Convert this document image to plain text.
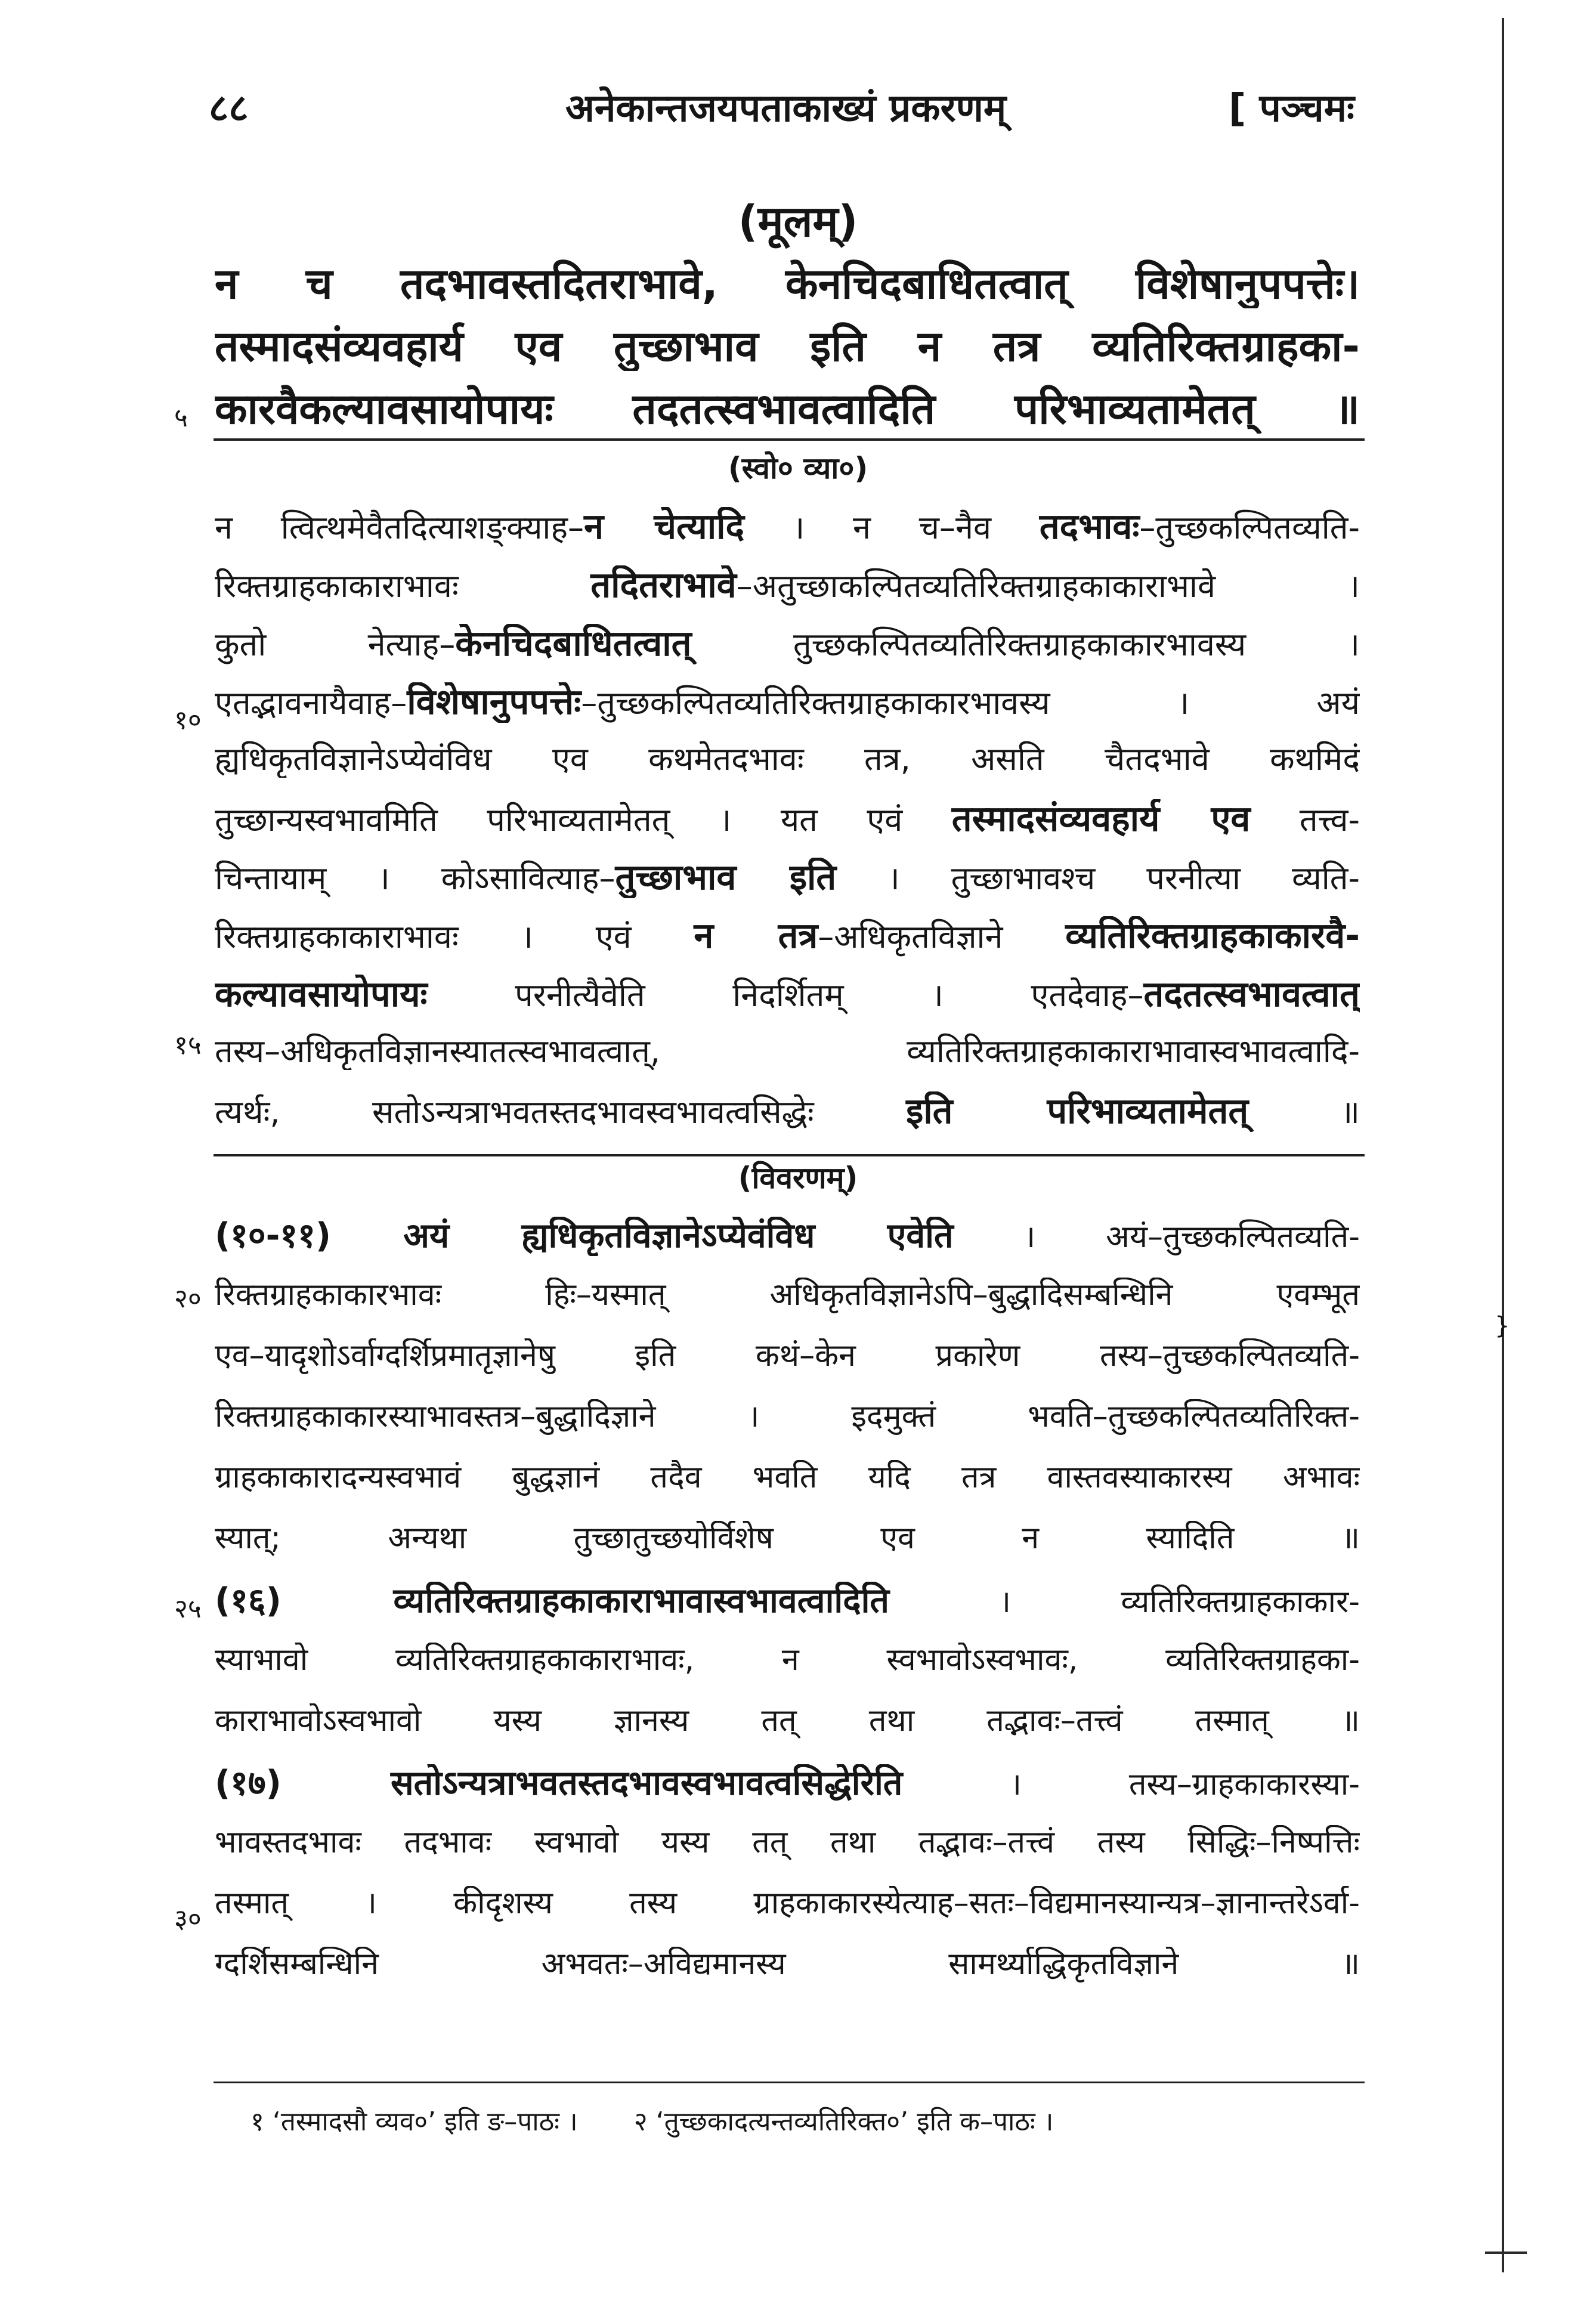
}
८८	अनेकान्तजयपताकाख्यं प्रकरणम्	[ पञ्चमः
(मूलम्)
न च तदभावस्तदितराभावे, केनचिदबाधितत्वात् विशेषानुपपत्तेः।
तस्मादसंव्यवहार्य एव तुच्छाभाव इति न तत्र व्यतिरिक्तग्राहका-
कारवैकल्यावसायोपायः तदतत्स्वभावत्वादिति परिभाव्यतामेतत् ॥
५
(स्वो० व्या०)
न त्वित्थमेवैतदित्याशङ्क्याह–न चेत्यादि । न च–नैव तदभावः–तुच्छकल्पितव्यति-
रिक्तग्राहकाकाराभावः तदितराभावे–अतुच्छाकल्पितव्यतिरिक्तग्राहकाकाराभावे ।
कुतो नेत्याह–केनचिदबाधितत्वात् तुच्छकल्पितव्यतिरिक्तग्राहकाकारभावस्य ।
एतद्भावनायैवाह–विशेषानुपपत्तेः–तुच्छकल्पितव्यतिरिक्तग्राहकाकारभावस्य । अयं
ह्यधिकृतविज्ञानेऽप्येवंविध एव कथमेतदभावः तत्र, असति चैतदभावे कथमिदं
तुच्छान्यस्वभावमिति परिभाव्यतामेतत् । यत एवं तस्मादसंव्यवहार्य एव तत्त्व-
चिन्तायाम् । कोऽसावित्याह–तुच्छाभाव इति । तुच्छाभावश्च परनीत्या व्यति-
रिक्तग्राहकाकाराभावः । एवं न तत्र–अधिकृतविज्ञाने व्यतिरिक्तग्राहकाकारवै-
कल्यावसायोपायः परनीत्यैवेति निदर्शितम् । एतदेवाह–तदतत्स्वभावत्वात्
तस्य–अधिकृतविज्ञानस्यातत्स्वभावत्वात्, व्यतिरिक्तग्राहकाकाराभावास्वभावत्वादि-
त्यर्थः, सतोऽन्यत्राभवतस्तदभावस्वभावत्वसिद्धेः इति परिभाव्यतामेतत् ॥
१०
१५
(विवरणम्)
(१०-११) अयं ह्यधिकृतविज्ञानेऽप्येवंविध एवेति । अयं–तुच्छकल्पितव्यति-
रिक्तग्राहकाकारभावः हिः–यस्मात् अधिकृतविज्ञानेऽपि–बुद्धादिसम्बन्धिनि एवम्भूत
एव–यादृशोऽर्वाग्दर्शिप्रमातृज्ञानेषु इति कथं–केन प्रकारेण तस्य–तुच्छकल्पितव्यति-
रिक्तग्राहकाकारस्याभावस्तत्र–बुद्धादिज्ञाने । इदमुक्तं भवति–तुच्छकल्पितव्यतिरिक्त-
ग्राहकाकारादन्यस्वभावं बुद्धज्ञानं तदैव भवति यदि तत्र वास्तवस्याकारस्य अभावः
स्यात्; अन्यथा तुच्छातुच्छयोर्विशेष एव न स्यादिति ॥
(१६) व्यतिरिक्तग्राहकाकाराभावास्वभावत्वादिति । व्यतिरिक्तग्राहकाकार-
स्याभावो व्यतिरिक्तग्राहकाकाराभावः, न स्वभावोऽस्वभावः, व्यतिरिक्तग्राहका-
काराभावोऽस्वभावो यस्य ज्ञानस्य तत् तथा तद्भावः–तत्त्वं तस्मात् ॥
(१७) सतोऽन्यत्राभवतस्तदभावस्वभावत्वसिद्धेरिति । तस्य–ग्राहकाकारस्या-
भावस्तदभावः तदभावः स्वभावो यस्य तत् तथा तद्भावः–तत्त्वं तस्य सिद्धिः–निष्पत्तिः
तस्मात् । कीदृशस्य तस्य ग्राहकाकारस्येत्याह–सतः–विद्यमानस्यान्यत्र–ज्ञानान्तरेऽर्वा-
ग्दर्शिसम्बन्धिनि अभवतः–अविद्यमानस्य सामर्थ्याद्धिकृतविज्ञाने ॥
२०
२५
३०
१ ‘तस्मादसौ व्यव०’ इति ङ–पाठः । २ ‘तुच्छकादत्यन्तव्यतिरिक्त०’ इति क–पाठः ।
